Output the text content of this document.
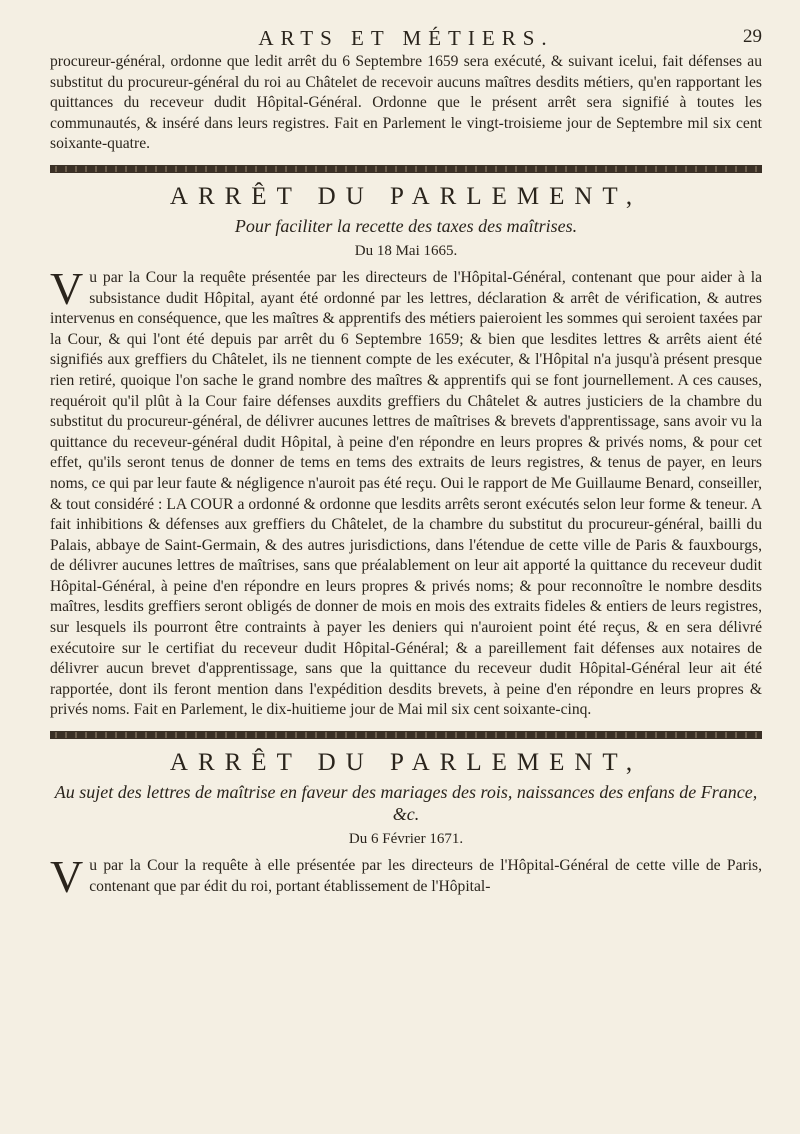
ARTS ET MÉTIERS.	29

procureur-général, ordonne que ledit arrêt du 6 Septembre 1659 sera exécuté, & suivant icelui, fait défenses au substitut du procureur-général du roi au Châtelet de recevoir aucuns maîtres desdits métiers, qu'en rapportant les quittances du receveur dudit Hôpital-Général. Ordonne que le présent arrêt sera signifié à toutes les communautés, & inséré dans leurs registres. Fait en Parlement le vingt-troisieme jour de Septembre mil six cent soixante-quatre.

ARRÊT DU PARLEMENT,
Pour faciliter la recette des taxes des maîtrises.
Du 18 Mai 1665.

Vu par la Cour la requête présentée par les directeurs de l'Hôpital-Général, contenant que pour aider à la subsistance dudit Hôpital, ayant été ordonné par les lettres, déclaration & arrêt de vérification, & autres intervenus en conséquence, que les maîtres & apprentifs des métiers paieroient les sommes qui seroient taxées par la Cour, & qui l'ont été depuis par arrêt du 6 Septembre 1659; & bien que lesdites lettres & arrêts aient été signifiés aux greffiers du Châtelet, ils ne tiennent compte de les exécuter, & l'Hôpital n'a jusqu'à présent presque rien retiré, quoique l'on sache le grand nombre des maîtres & apprentifs qui se font journellement. A ces causes, requéroit qu'il plût à la Cour faire défenses auxdits greffiers du Châtelet & autres justiciers de la chambre du substitut du procureur-général, de délivrer aucunes lettres de maîtrises & brevets d'apprentissage, sans avoir vu la quittance du receveur-général dudit Hôpital, à peine d'en répondre en leurs propres & privés noms, & pour cet effet, qu'ils seront tenus de donner de tems en tems des extraits de leurs registres, & tenus de payer, en leurs noms, ce qui par leur faute & négligence n'auroit pas été reçu. Oui le rapport de Me Guillaume Benard, conseiller, & tout considéré : LA COUR a ordonné & ordonne que lesdits arrêts seront exécutés selon leur forme & teneur. A fait inhibitions & défenses aux greffiers du Châtelet, de la chambre du substitut du procureur-général, bailli du Palais, abbaye de Saint-Germain, & des autres jurisdictions, dans l'étendue de cette ville de Paris & fauxbourgs, de délivrer aucunes lettres de maîtrises, sans que préalablement on leur ait apporté la quittance du receveur dudit Hôpital-Général, à peine d'en répondre en leurs propres & privés noms; & pour reconnoître le nombre desdits maîtres, lesdits greffiers seront obligés de donner de mois en mois des extraits fideles & entiers de leurs registres, sur lesquels ils pourront être contraints à payer les deniers qui n'auroient point été reçus, & en sera délivré exécutoire sur le certifiat du receveur dudit Hôpital-Général; & a pareillement fait défenses aux notaires de délivrer aucun brevet d'apprentissage, sans que la quittance du receveur dudit Hôpital-Général leur ait été rapportée, dont ils feront mention dans l'expédition desdits brevets, à peine d'en répondre en leurs propres & privés noms. Fait en Parlement, le dix-huitieme jour de Mai mil six cent soixante-cinq.

ARRÊT DU PARLEMENT,
Au sujet des lettres de maîtrise en faveur des mariages des rois, naissances des enfans de France, &c.
Du 6 Février 1671.

Vu par la Cour la requête à elle présentée par les directeurs de l'Hôpital-Général de cette ville de Paris, contenant que par édit du roi, portant établissement de l'Hôpital-
